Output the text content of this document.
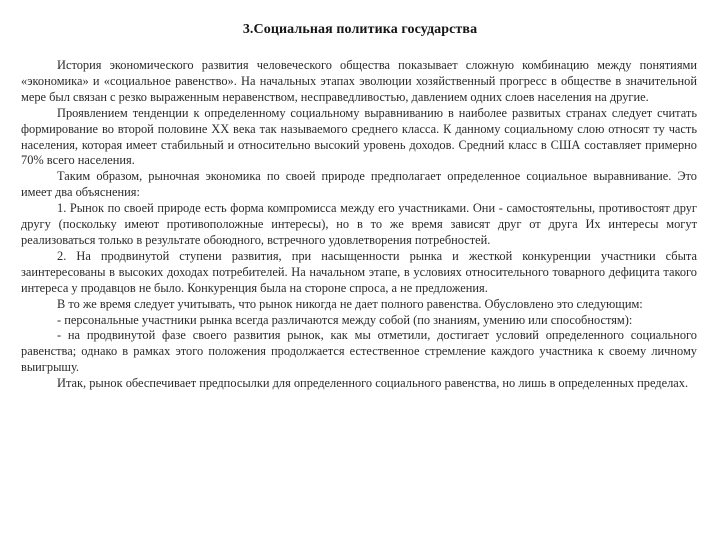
3.Социальная политика государства

История экономического развития человеческого общества показывает сложную комбинацию между понятиями «экономика» и «социальное равенство». На начальных этапах эволюции хозяйственный прогресс в обществе в значительной мере был связан с резко выраженным неравенством, несправедливостью, давлением одних слоев населения на другие.

Проявлением тенденции к определенному социальному выравниванию в наиболее развитых странах следует считать формирование во второй половине XX века так называемого среднего класса. К данному социальному слою относят ту часть населения, которая имеет стабильный и относительно высокий уровень доходов. Средний класс в США составляет примерно 70% всего населения.

Таким образом, рыночная экономика по своей природе предполагает определенное социальное выравнивание. Это имеет два объяснения:

1. Рынок по своей природе есть форма компромисса между его участниками. Они - самостоятельны, противостоят друг другу (поскольку имеют противоположные интересы), но в то же время зависят друг от друга Их интересы могут реализоваться только в результате обоюдного, встречного удовлетворения потребностей.

2. На продвинутой ступени развития, при насыщенности рынка и жесткой конкуренции участники сбыта заинтересованы в высоких доходах потребителей. На начальном этапе, в условиях относительного товарного дефицита такого интереса у продавцов не было. Конкуренция была на стороне спроса, а не предложения.

В то же время следует учитывать, что рынок никогда не дает полного равенства. Обусловлено это следующим:

- персональные участники рынка всегда различаются между собой (по знаниям, умению или способностям):

- на продвинутой фазе своего развития рынок, как мы отметили, достигает условий определенного социального равенства; однако в рамках этого положения продолжается естественное стремление каждого участника к своему личному выигрышу.

Итак, рынок обеспечивает предпосылки для определенного социального равенства, но лишь в определенных пределах.
